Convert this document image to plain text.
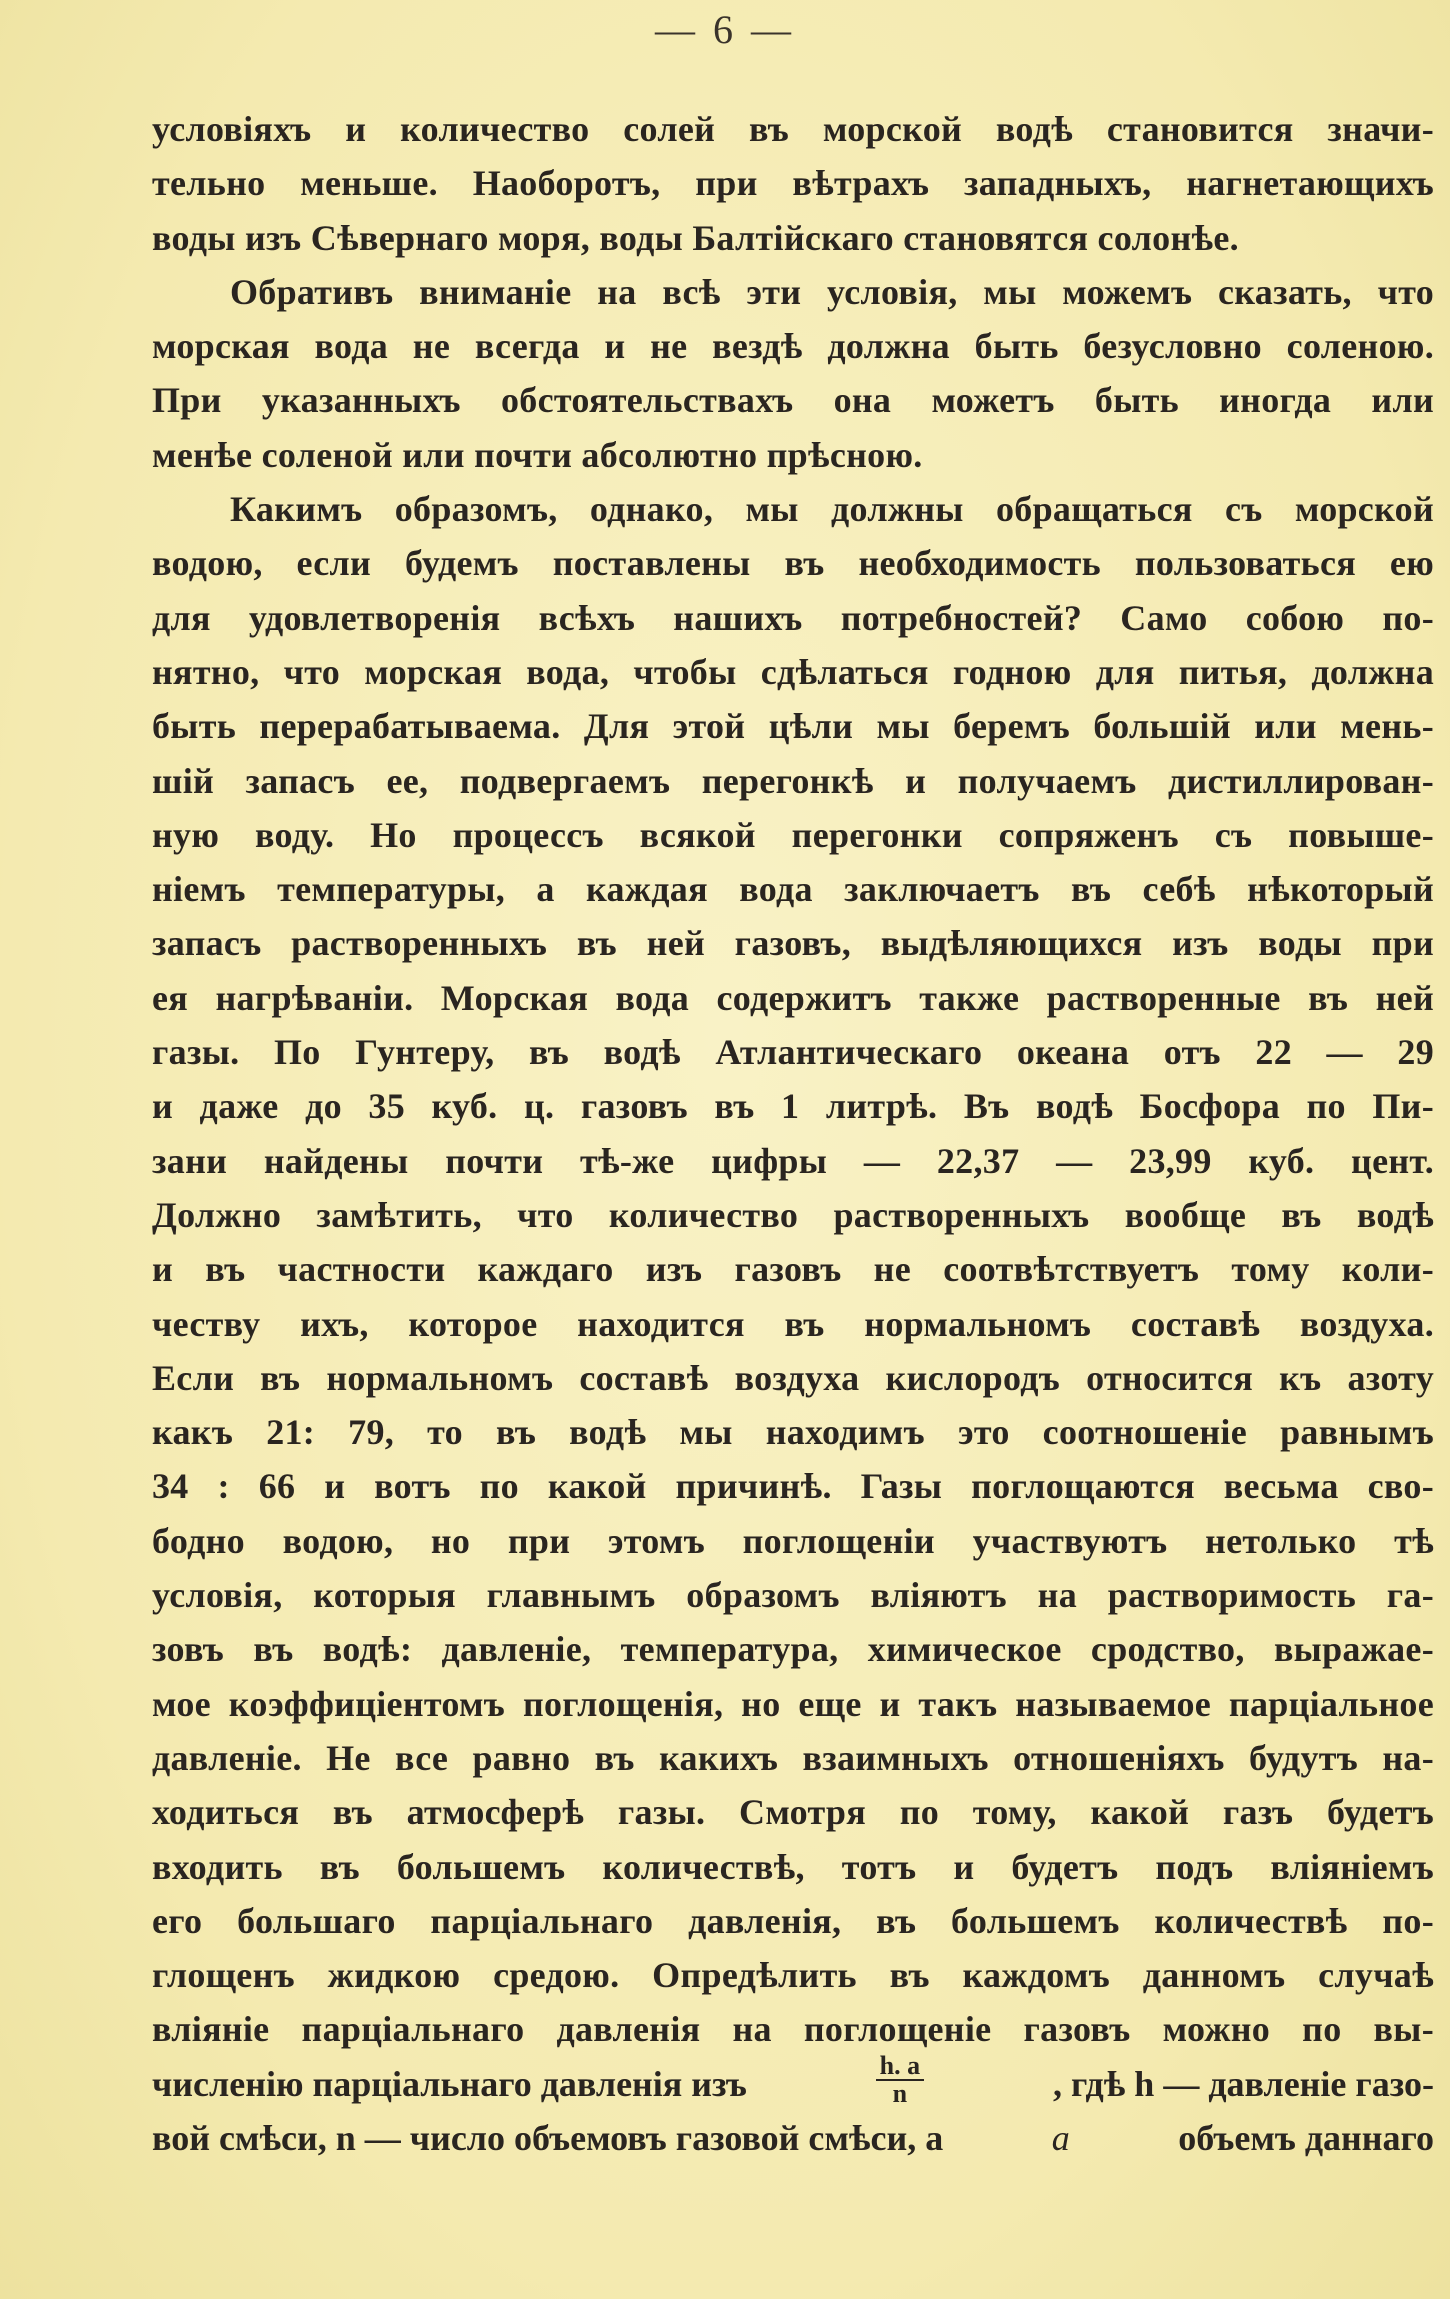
— 6 —
условіяхъ и количество солей въ морской водѣ становится значи-
тельно меньше. Наоборотъ, при вѣтрахъ западныхъ, нагнетающихъ
воды изъ Сѣвернаго моря, воды Балтійскаго становятся солонѣе.
Обративъ вниманіе на всѣ эти условія, мы можемъ сказать, что
морская вода не всегда и не вездѣ должна быть безусловно соленою.
При указанныхъ обстоятельствахъ она можетъ быть иногда или
менѣе соленой или почти абсолютно прѣсною.
Какимъ образомъ, однако, мы должны обращаться съ морской
водою, если будемъ поставлены въ необходимость пользоваться ею
для удовлетворенія всѣхъ нашихъ потребностей? Само собою по-
нятно, что морская вода, чтобы сдѣлаться годною для питья, должна
быть перерабатываема. Для этой цѣли мы беремъ большій или мень-
шій запасъ ее, подвергаемъ перегонкѣ и получаемъ дистиллирован-
ную воду. Но процессъ всякой перегонки сопряженъ съ повыше-
ніемъ температуры, а каждая вода заключаетъ въ себѣ нѣкоторый
запасъ растворенныхъ въ ней газовъ, выдѣляющихся изъ воды при
ея нагрѣваніи. Морская вода содержитъ также растворенные въ ней
газы. По Гунтеру, въ водѣ Атлантическаго океана отъ 22 — 29
и даже до 35 куб. ц. газовъ въ 1 литрѣ. Въ водѣ Босфора по Пи-
зани найдены почти тѣ-же цифры — 22,37 — 23,99 куб. цент.
Должно замѣтить, что количество растворенныхъ вообще въ водѣ
и въ частности каждаго изъ газовъ не соотвѣтствуетъ тому коли-
честву ихъ, которое находится въ нормальномъ составѣ воздуха.
Если въ нормальномъ составѣ воздуха кислородъ относится къ азоту
какъ 21: 79, то въ водѣ мы находимъ это соотношеніе равнымъ
34 : 66 и вотъ по какой причинѣ. Газы поглощаются весьма сво-
бодно водою, но при этомъ поглощеніи участвуютъ нетолько тѣ
условія, которыя главнымъ образомъ вліяютъ на растворимость га-
зовъ въ водѣ: давленіе, температура, химическое сродство, выражае-
мое коэффиціентомъ поглощенія, но еще и такъ называемое парціальное
давленіе. Не все равно въ какихъ взаимныхъ отношеніяхъ будутъ на-
ходиться въ атмосферѣ газы. Смотря по тому, какой газъ будетъ
входить въ большемъ количествѣ, тотъ и будетъ подъ вліяніемъ
его большаго парціальнаго давленія, въ большемъ количествѣ по-
глощенъ жидкою средою. Опредѣлить въ каждомъ данномъ случаѣ
вліяніе парціальнаго давленія на поглощеніе газовъ можно по вы-
численію парціальнаго давленія изъ	$\frac{h. a}{n}$	, гдѣ h — давленіе газо-
вой смѣси, n — число объемовъ газовой смѣси, а	a	объемъ даннаго
